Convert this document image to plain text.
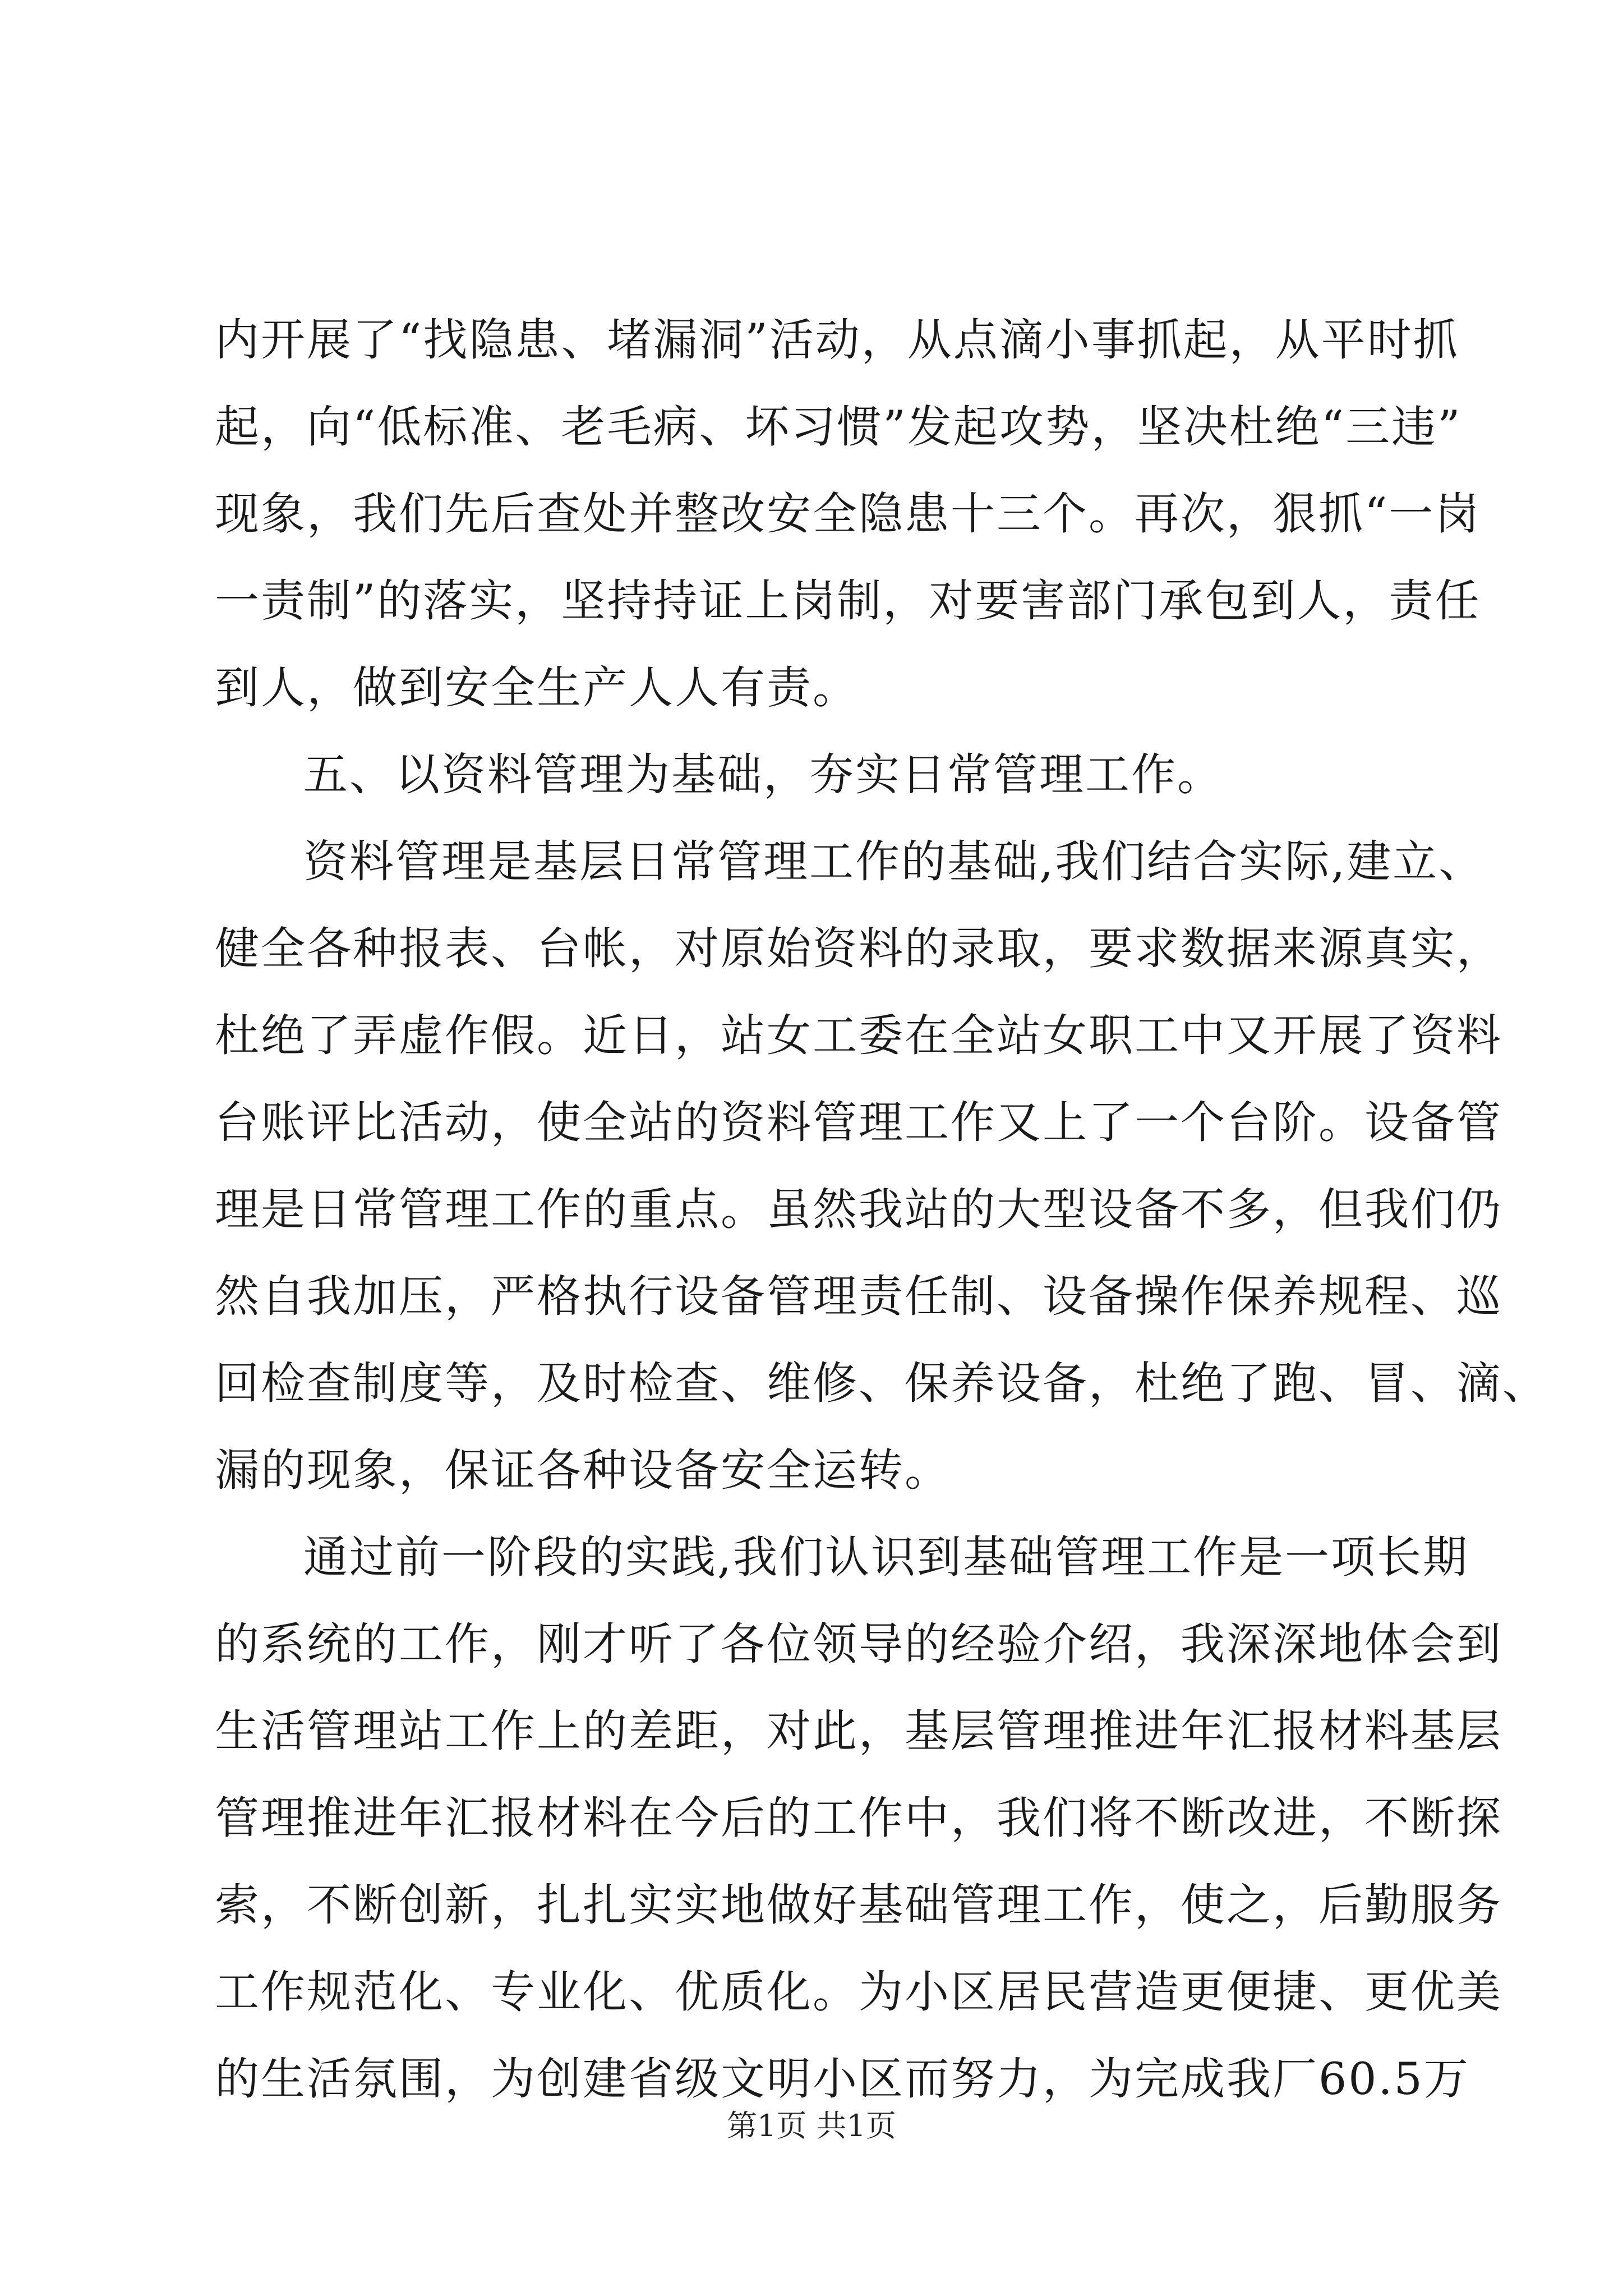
内开展了“找隐患、堵漏洞”活动，从点滴小事抓起，从平时抓
起，向“低标准、老毛病、坏习惯”发起攻势，坚决杜绝“三违”
现象，我们先后查处并整改安全隐患十三个。再次，狠抓“一岗
一责制”的落实，坚持持证上岗制，对要害部门承包到人，责任
到人，做到安全生产人人有责。
五、以资料管理为基础，夯实日常管理工作。
资料管理是基层日常管理工作的基础,我们结合实际,建立、
健全各种报表、台帐，对原始资料的录取，要求数据来源真实，
杜绝了弄虚作假。近日，站女工委在全站女职工中又开展了资料
台账评比活动，使全站的资料管理工作又上了一个台阶。设备管
理是日常管理工作的重点。虽然我站的大型设备不多，但我们仍
然自我加压，严格执行设备管理责任制、设备操作保养规程、巡
回检查制度等，及时检查、维修、保养设备，杜绝了跑、冒、滴、
漏的现象，保证各种设备安全运转。
通过前一阶段的实践,我们认识到基础管理工作是一项长期
的系统的工作，刚才听了各位领导的经验介绍，我深深地体会到
生活管理站工作上的差距，对此，基层管理推进年汇报材料基层
管理推进年汇报材料在今后的工作中，我们将不断改进，不断探
索，不断创新，扎扎实实地做好基础管理工作，使之，后勤服务
工作规范化、专业化、优质化。为小区居民营造更便捷、更优美
的生活氛围，为创建省级文明小区而努力，为完成我厂60.5万
第1页 共1页
